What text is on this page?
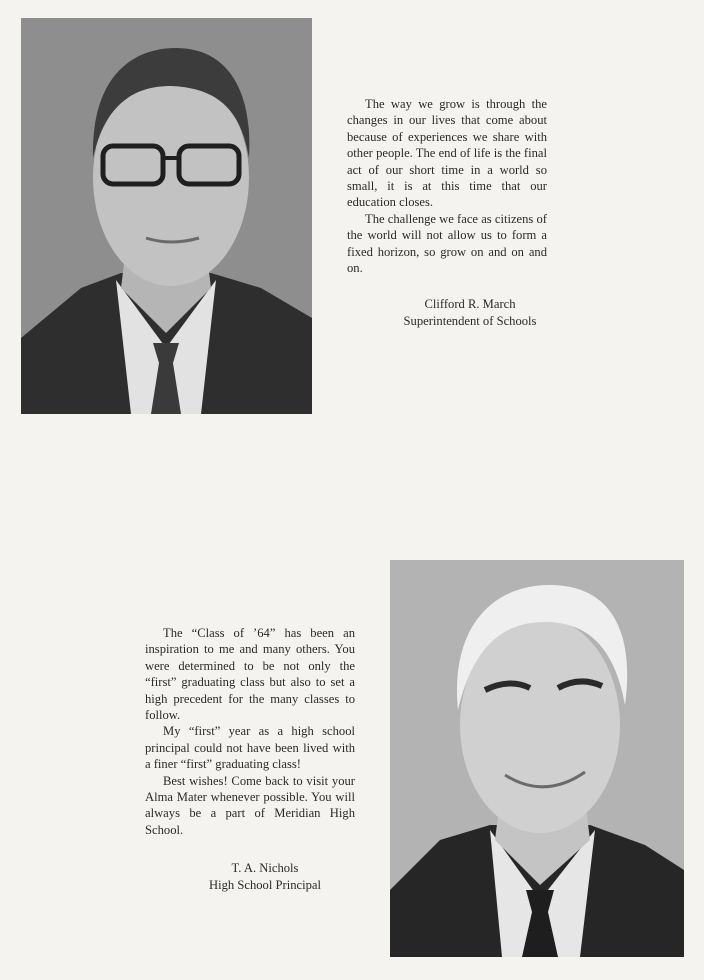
The way we grow is through the changes in our lives that come about because of experiences we share with other people. The end of life is the final act of our short time in a world so small, it is at this time that our education closes.

The challenge we face as citizens of the world will not allow us to form a fixed horizon, so grow on and on and on.

Clifford R. March
Superintendent of Schools

The “Class of ’64” has been an inspiration to me and many others. You were determined to be not only the “first” graduating class but also to set a high precedent for the many classes to follow.

My “first” year as a high school principal could not have been lived with a finer “first” graduating class!

Best wishes! Come back to visit your Alma Mater whenever possible. You will always be a part of Meridian High School.

T. A. Nichols
High School Principal
